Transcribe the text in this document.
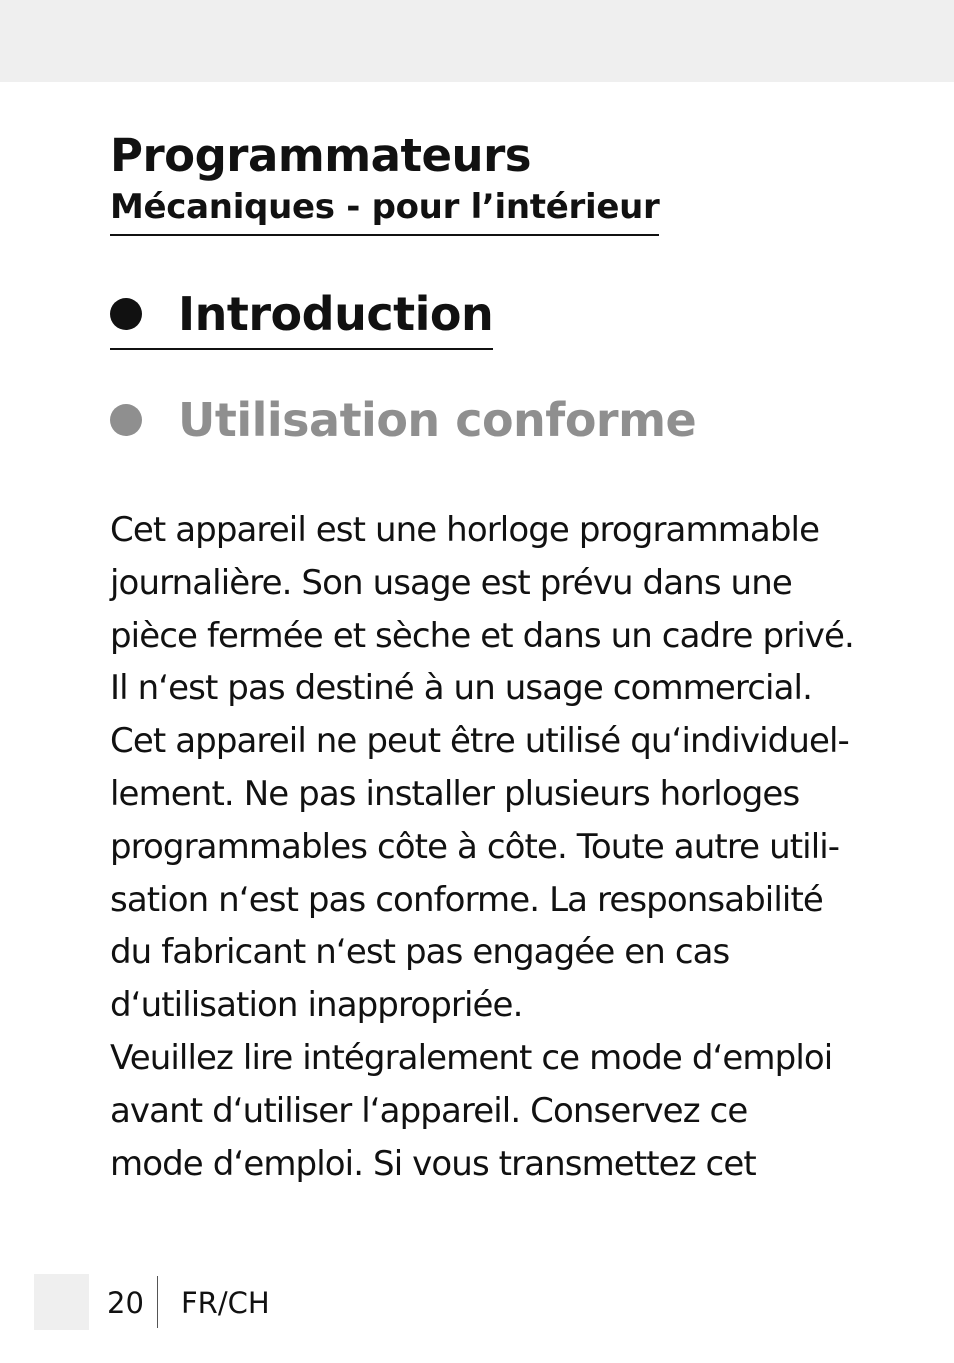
Programmateurs
Mécaniques - pour l’intérieur
Introduction
Utilisation conforme
Cet appareil est une horloge programmable
journalière. Son usage est prévu dans une
pièce fermée et sèche et dans un cadre privé.
Il n‘est pas destiné à un usage commercial.
Cet appareil ne peut être utilisé qu‘individuel-
lement. Ne pas installer plusieurs horloges
programmables côte à côte. Toute autre utili-
sation n‘est pas conforme. La responsabilité
du fabricant n‘est pas engagée en cas
d‘utilisation inappropriée.
Veuillez lire intégralement ce mode d‘emploi
avant d‘utiliser l‘appareil. Conservez ce
mode d‘emploi. Si vous transmettez cet
20 FR/CH
